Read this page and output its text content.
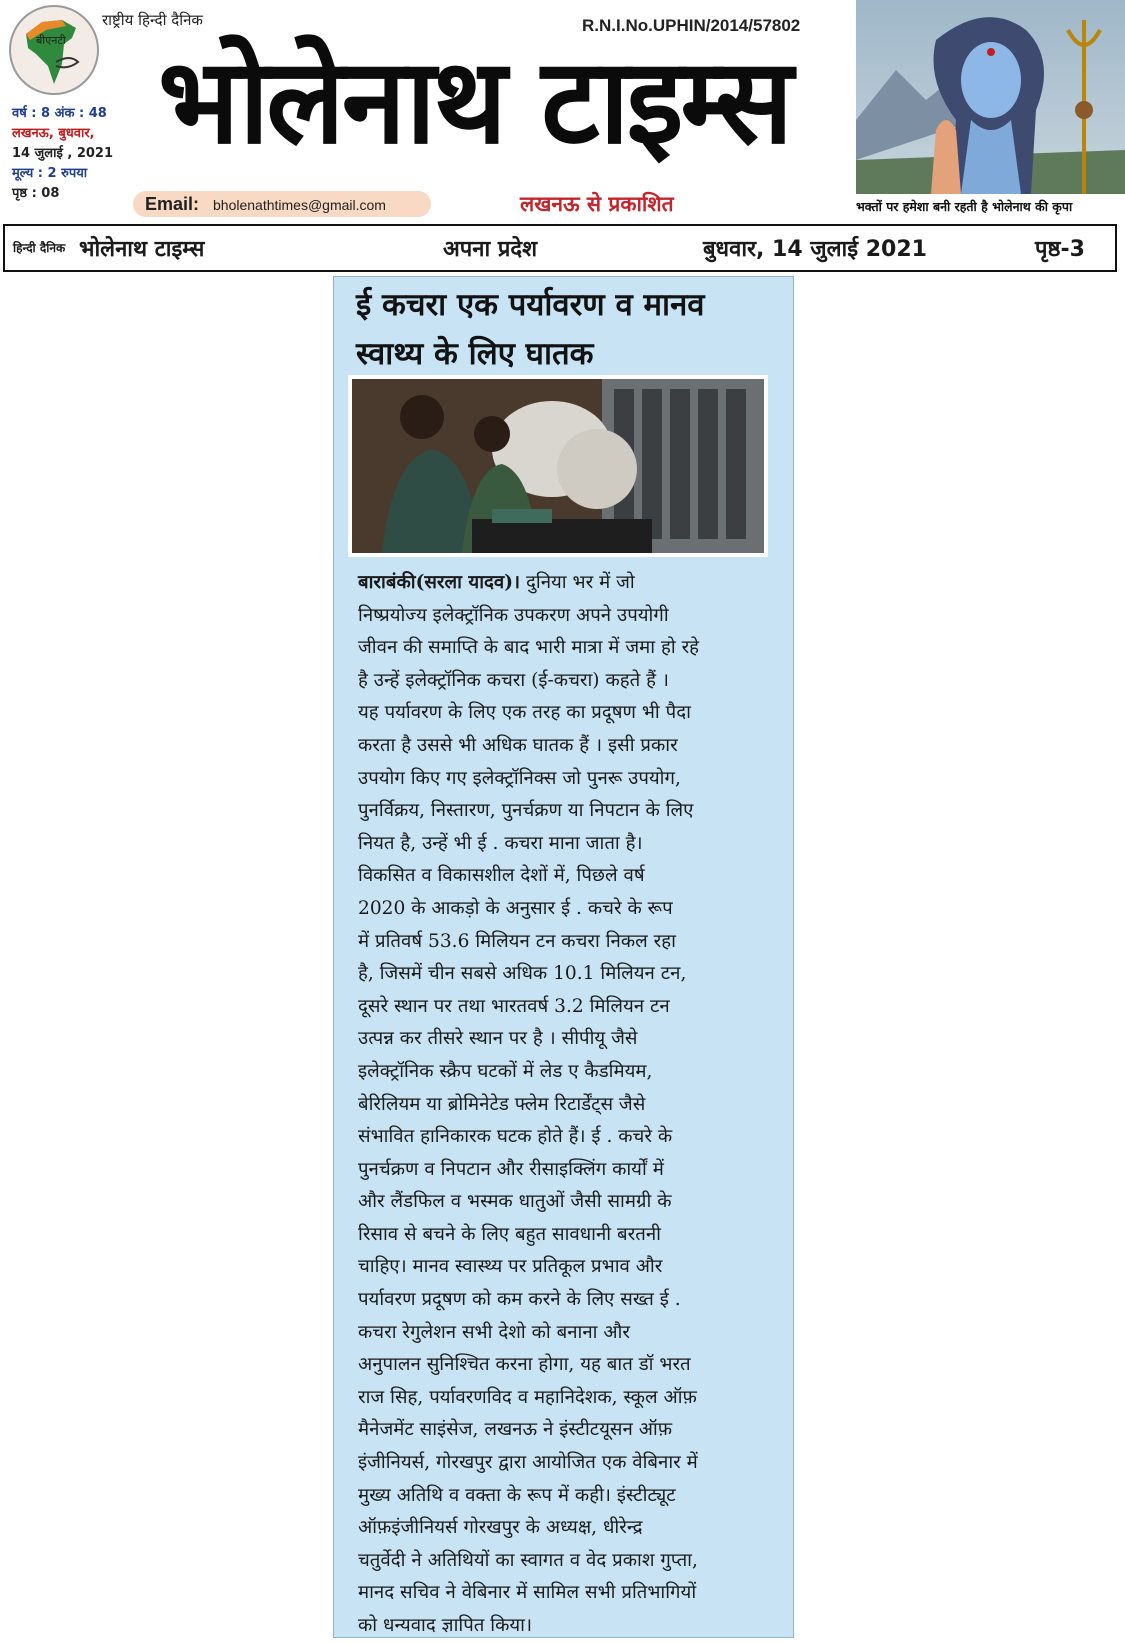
बीएनटी
राष्ट्रीय हिन्दी दैनिक
वर्ष : 8 अंक : 48
लखनऊ, बुधवार,
14 जुलाई , 2021
मूल्य : 2 रुपया
पृष्ठ : 08
R.N.I.No.UPHIN/2014/57802
भोलेनाथ टाइम्स
Email: bholenathtimes@gmail.com	लखनऊ से प्रकाशित	भक्तों पर हमेशा बनी रहती है भोलेनाथ की कृपा
हिन्दी दैनिक भोलेनाथ टाइम्स	अपना प्रदेश	बुधवार, 14 जुलाई 2021	पृष्ठ-3
ई कचरा एक पर्यावरण व मानव
स्वाथ्य के लिए घातक

बाराबंकी(सरला यादव)। दुनिया भर में जो

निष्प्रयोज्य इलेक्ट्रॉनिक उपकरण अपने उपयोगी

जीवन की समाप्ति के बाद भारी मात्रा में जमा हो रहे

है उन्हें इलेक्ट्रॉनिक कचरा (ई-कचरा) कहते हैं ।

यह पर्यावरण के लिए एक तरह का प्रदूषण भी पैदा

करता है उससे भी अधिक घातक हैं । इसी प्रकार

उपयोग किए गए इलेक्ट्रॉनिक्स जो पुनरू उपयोग,

पुनर्विक्रय, निस्तारण, पुनर्चक्रण या निपटान के लिए

नियत है, उन्हें भी ई . कचरा माना जाता है।

विकसित व विकासशील देशों में, पिछले वर्ष

2020 के आकड़ो के अनुसार ई . कचरे के रूप

में प्रतिवर्ष 53.6 मिलियन टन कचरा निकल रहा

है, जिसमें चीन सबसे अधिक 10.1 मिलियन टन,

दूसरे स्थान पर तथा भारतवर्ष 3.2 मिलियन टन

उत्पन्न कर तीसरे स्थान पर है । सीपीयू जैसे

इलेक्ट्रॉनिक स्क्रैप घटकों में लेड ए कैडमियम,

बेरिलियम या ब्रोमिनेटेड फ्लेम रिटार्डेंट्स जैसे

संभावित हानिकारक घटक होते हैं। ई . कचरे के

पुनर्चक्रण व निपटान और रीसाइक्लिंग कार्यों में

और लैंडफिल व भस्मक धातुओं जैसी सामग्री के

रिसाव से बचने के लिए बहुत सावधानी बरतनी

चाहिए। मानव स्वास्थ्य पर प्रतिकूल प्रभाव और

पर्यावरण प्रदूषण को कम करने के लिए सख्त ई .

कचरा रेगुलेशन सभी देशो को बनाना और

अनुपालन सुनिश्चित करना होगा, यह बात डॉ भरत

राज सिह, पर्यावरणविद व महानिदेशक, स्कूल ऑफ़

मैनेजमेंट साइंसेज, लखनऊ ने इंस्टीटयूसन ऑफ़

इंजीनियर्स, गोरखपुर द्वारा आयोजित एक वेबिनार में

मुख्य अतिथि व वक्ता के रूप में कही। इंस्टीट्यूट

ऑफ़इंजीनियर्स गोरखपुर के अध्यक्ष, धीरेन्द्र

चतुर्वेदी ने अतिथियों का स्वागत व वेद प्रकाश गुप्ता,

मानद सचिव ने वेबिनार में सामिल सभी प्रतिभागियों

को धन्यवाद ज्ञापित किया।
